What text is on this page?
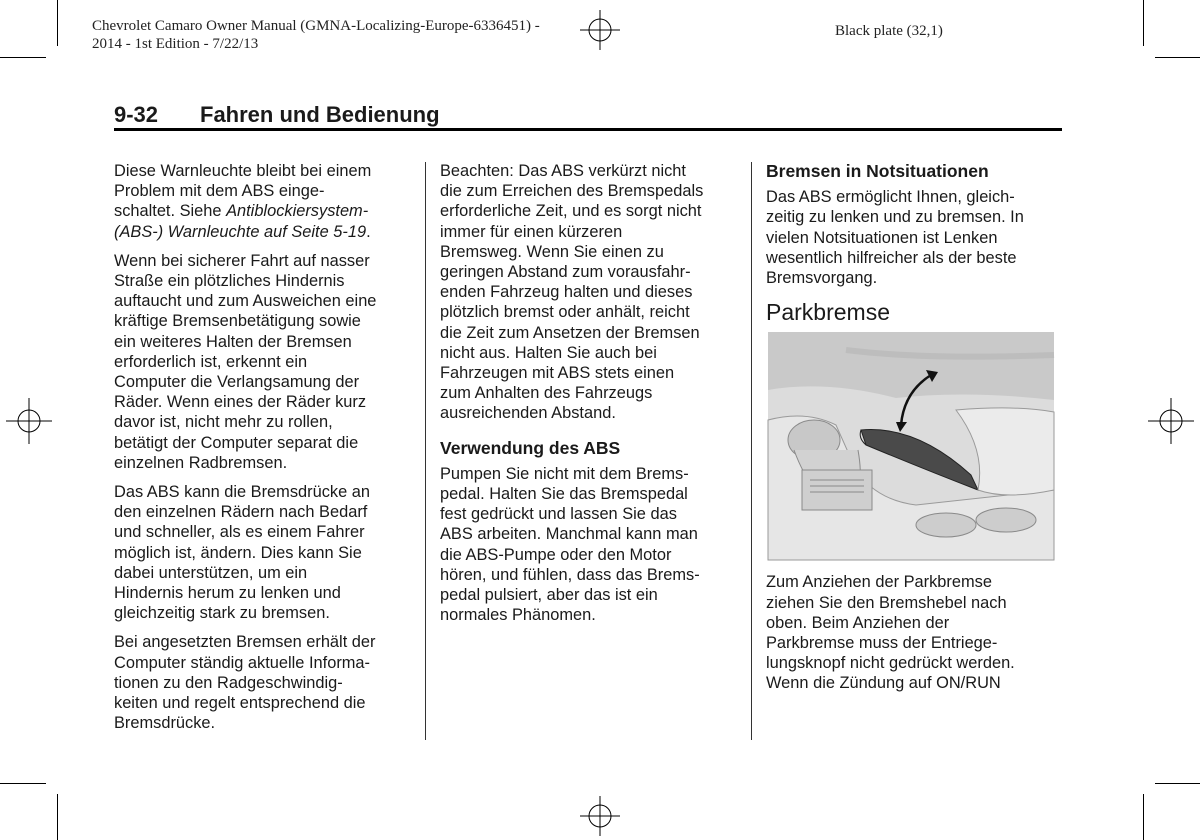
Chevrolet Camaro Owner Manual (GMNA-Localizing-Europe-6336451) -
2014 - 1st Edition - 7/22/13
Black plate (32,1)
9-32 Fahren und Bedienung

Diese Warnleuchte bleibt bei einem
Problem mit dem ABS einge-
schaltet. Siehe Antiblockiersystem-
(ABS-) Warnleuchte auf Seite 5-19.

Wenn bei sicherer Fahrt auf nasser
Straße ein plötzliches Hindernis
auftaucht und zum Ausweichen eine
kräftige Bremsenbetätigung sowie
ein weiteres Halten der Bremsen
erforderlich ist, erkennt ein
Computer die Verlangsamung der
Räder. Wenn eines der Räder kurz
davor ist, nicht mehr zu rollen,
betätigt der Computer separat die
einzelnen Radbremsen.

Das ABS kann die Bremsdrücke an
den einzelnen Rädern nach Bedarf
und schneller, als es einem Fahrer
möglich ist, ändern. Dies kann Sie
dabei unterstützen, um ein
Hindernis herum zu lenken und
gleichzeitig stark zu bremsen.

Bei angesetzten Bremsen erhält der
Computer ständig aktuelle Informa-
tionen zu den Radgeschwindig-
keiten und regelt entsprechend die
Bremsdrücke.

Beachten: Das ABS verkürzt nicht
die zum Erreichen des Bremspedals
erforderliche Zeit, und es sorgt nicht
immer für einen kürzeren
Bremsweg. Wenn Sie einen zu
geringen Abstand zum vorausfahr-
enden Fahrzeug halten und dieses
plötzlich bremst oder anhält, reicht
die Zeit zum Ansetzen der Bremsen
nicht aus. Halten Sie auch bei
Fahrzeugen mit ABS stets einen
zum Anhalten des Fahrzeugs
ausreichenden Abstand.

Verwendung des ABS

Pumpen Sie nicht mit dem Brems-
pedal. Halten Sie das Bremspedal
fest gedrückt und lassen Sie das
ABS arbeiten. Manchmal kann man
die ABS-Pumpe oder den Motor
hören, und fühlen, dass das Brems-
pedal pulsiert, aber das ist ein
normales Phänomen.

Bremsen in Notsituationen

Das ABS ermöglicht Ihnen, gleich-
zeitig zu lenken und zu bremsen. In
vielen Notsituationen ist Lenken
wesentlich hilfreicher als der beste
Bremsvorgang.

Parkbremse

Zum Anziehen der Parkbremse
ziehen Sie den Bremshebel nach
oben. Beim Anziehen der
Parkbremse muss der Entriege-
lungsknopf nicht gedrückt werden.
Wenn die Zündung auf ON/RUN
